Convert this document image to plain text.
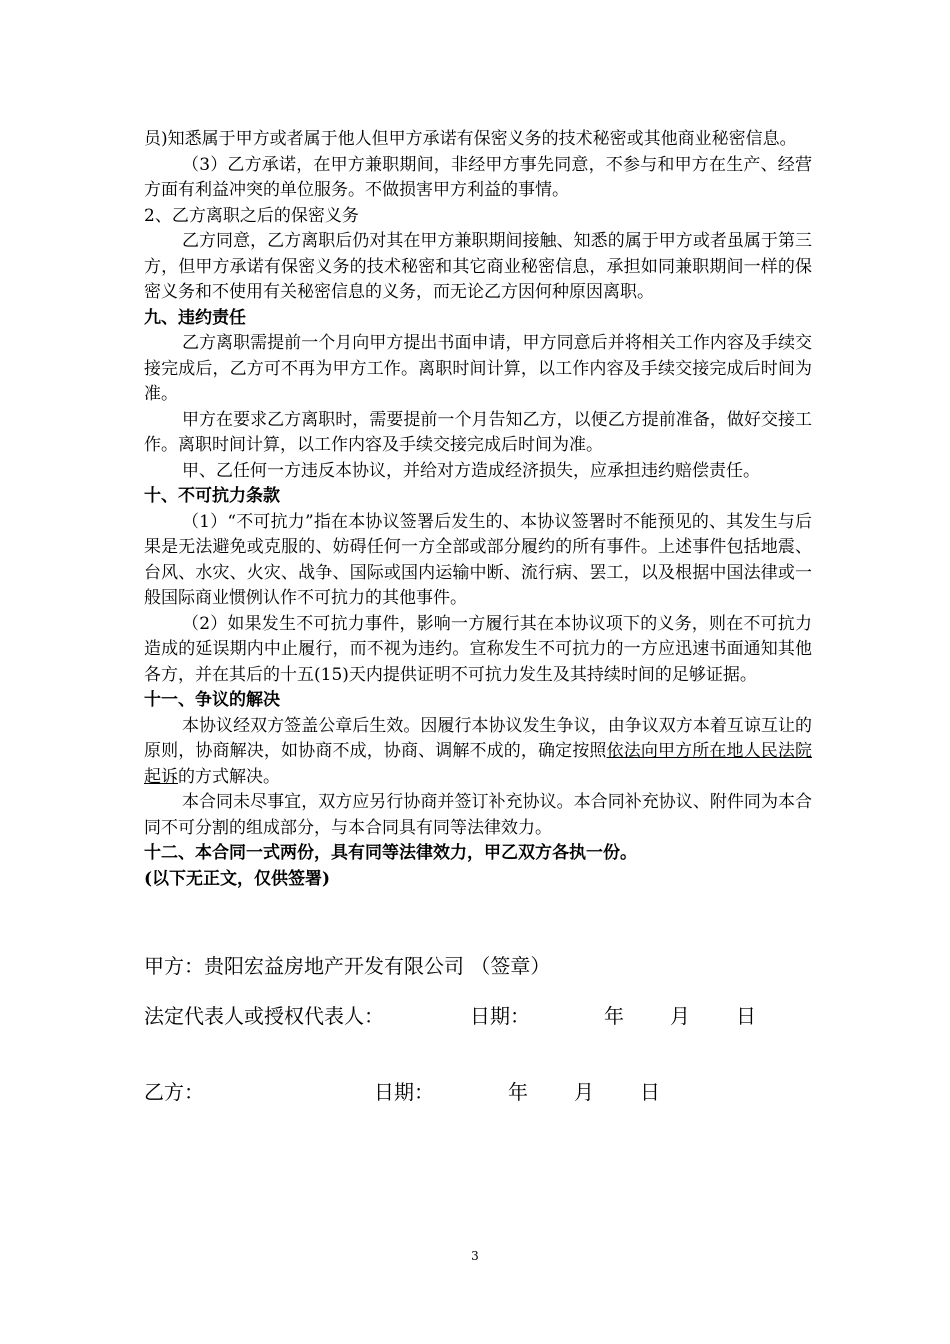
员)知悉属于甲方或者属于他人但甲方承诺有保密义务的技术秘密或其他商业秘密信息。

（3）乙方承诺，在甲方兼职期间，非经甲方事先同意，不参与和甲方在生产、经营方面有利益冲突的单位服务。不做损害甲方利益的事情。

2、乙方离职之后的保密义务

乙方同意，乙方离职后仍对其在甲方兼职期间接触、知悉的属于甲方或者虽属于第三方，但甲方承诺有保密义务的技术秘密和其它商业秘密信息，承担如同兼职期间一样的保密义务和不使用有关秘密信息的义务，而无论乙方因何种原因离职。

九、违约责任

乙方离职需提前一个月向甲方提出书面申请，甲方同意后并将相关工作内容及手续交接完成后，乙方可不再为甲方工作。离职时间计算，以工作内容及手续交接完成后时间为准。

甲方在要求乙方离职时，需要提前一个月告知乙方，以便乙方提前准备，做好交接工作。离职时间计算，以工作内容及手续交接完成后时间为准。

甲、乙任何一方违反本协议，并给对方造成经济损失，应承担违约赔偿责任。

十、不可抗力条款

（1）“不可抗力”指在本协议签署后发生的、本协议签署时不能预见的、其发生与后果是无法避免或克服的、妨碍任何一方全部或部分履约的所有事件。上述事件包括地震、台风、水灾、火灾、战争、国际或国内运输中断、流行病、罢工，以及根据中国法律或一般国际商业惯例认作不可抗力的其他事件。

（2）如果发生不可抗力事件，影响一方履行其在本协议项下的义务，则在不可抗力造成的延误期内中止履行，而不视为违约。宣称发生不可抗力的一方应迅速书面通知其他各方，并在其后的十五(15)天内提供证明不可抗力发生及其持续时间的足够证据。

十一、争议的解决

本协议经双方签盖公章后生效。因履行本协议发生争议，由争议双方本着互谅互让的原则，协商解决，如协商不成，协商、调解不成的，确定按照依法向甲方所在地人民法院起诉的方式解决。

本合同未尽事宜，双方应另行协商并签订补充协议。本合同补充协议、附件同为本合同不可分割的组成部分，与本合同具有同等法律效力。

十二、本合同一式两份，具有同等法律效力，甲乙双方各执一份。

(以下无正文，仅供签署)

甲方：贵阳宏益房地产开发有限公司 （签章）
法定代表人或授权代表人：	日期：	年 月 日
乙方：	日期：	年 月 日
3
